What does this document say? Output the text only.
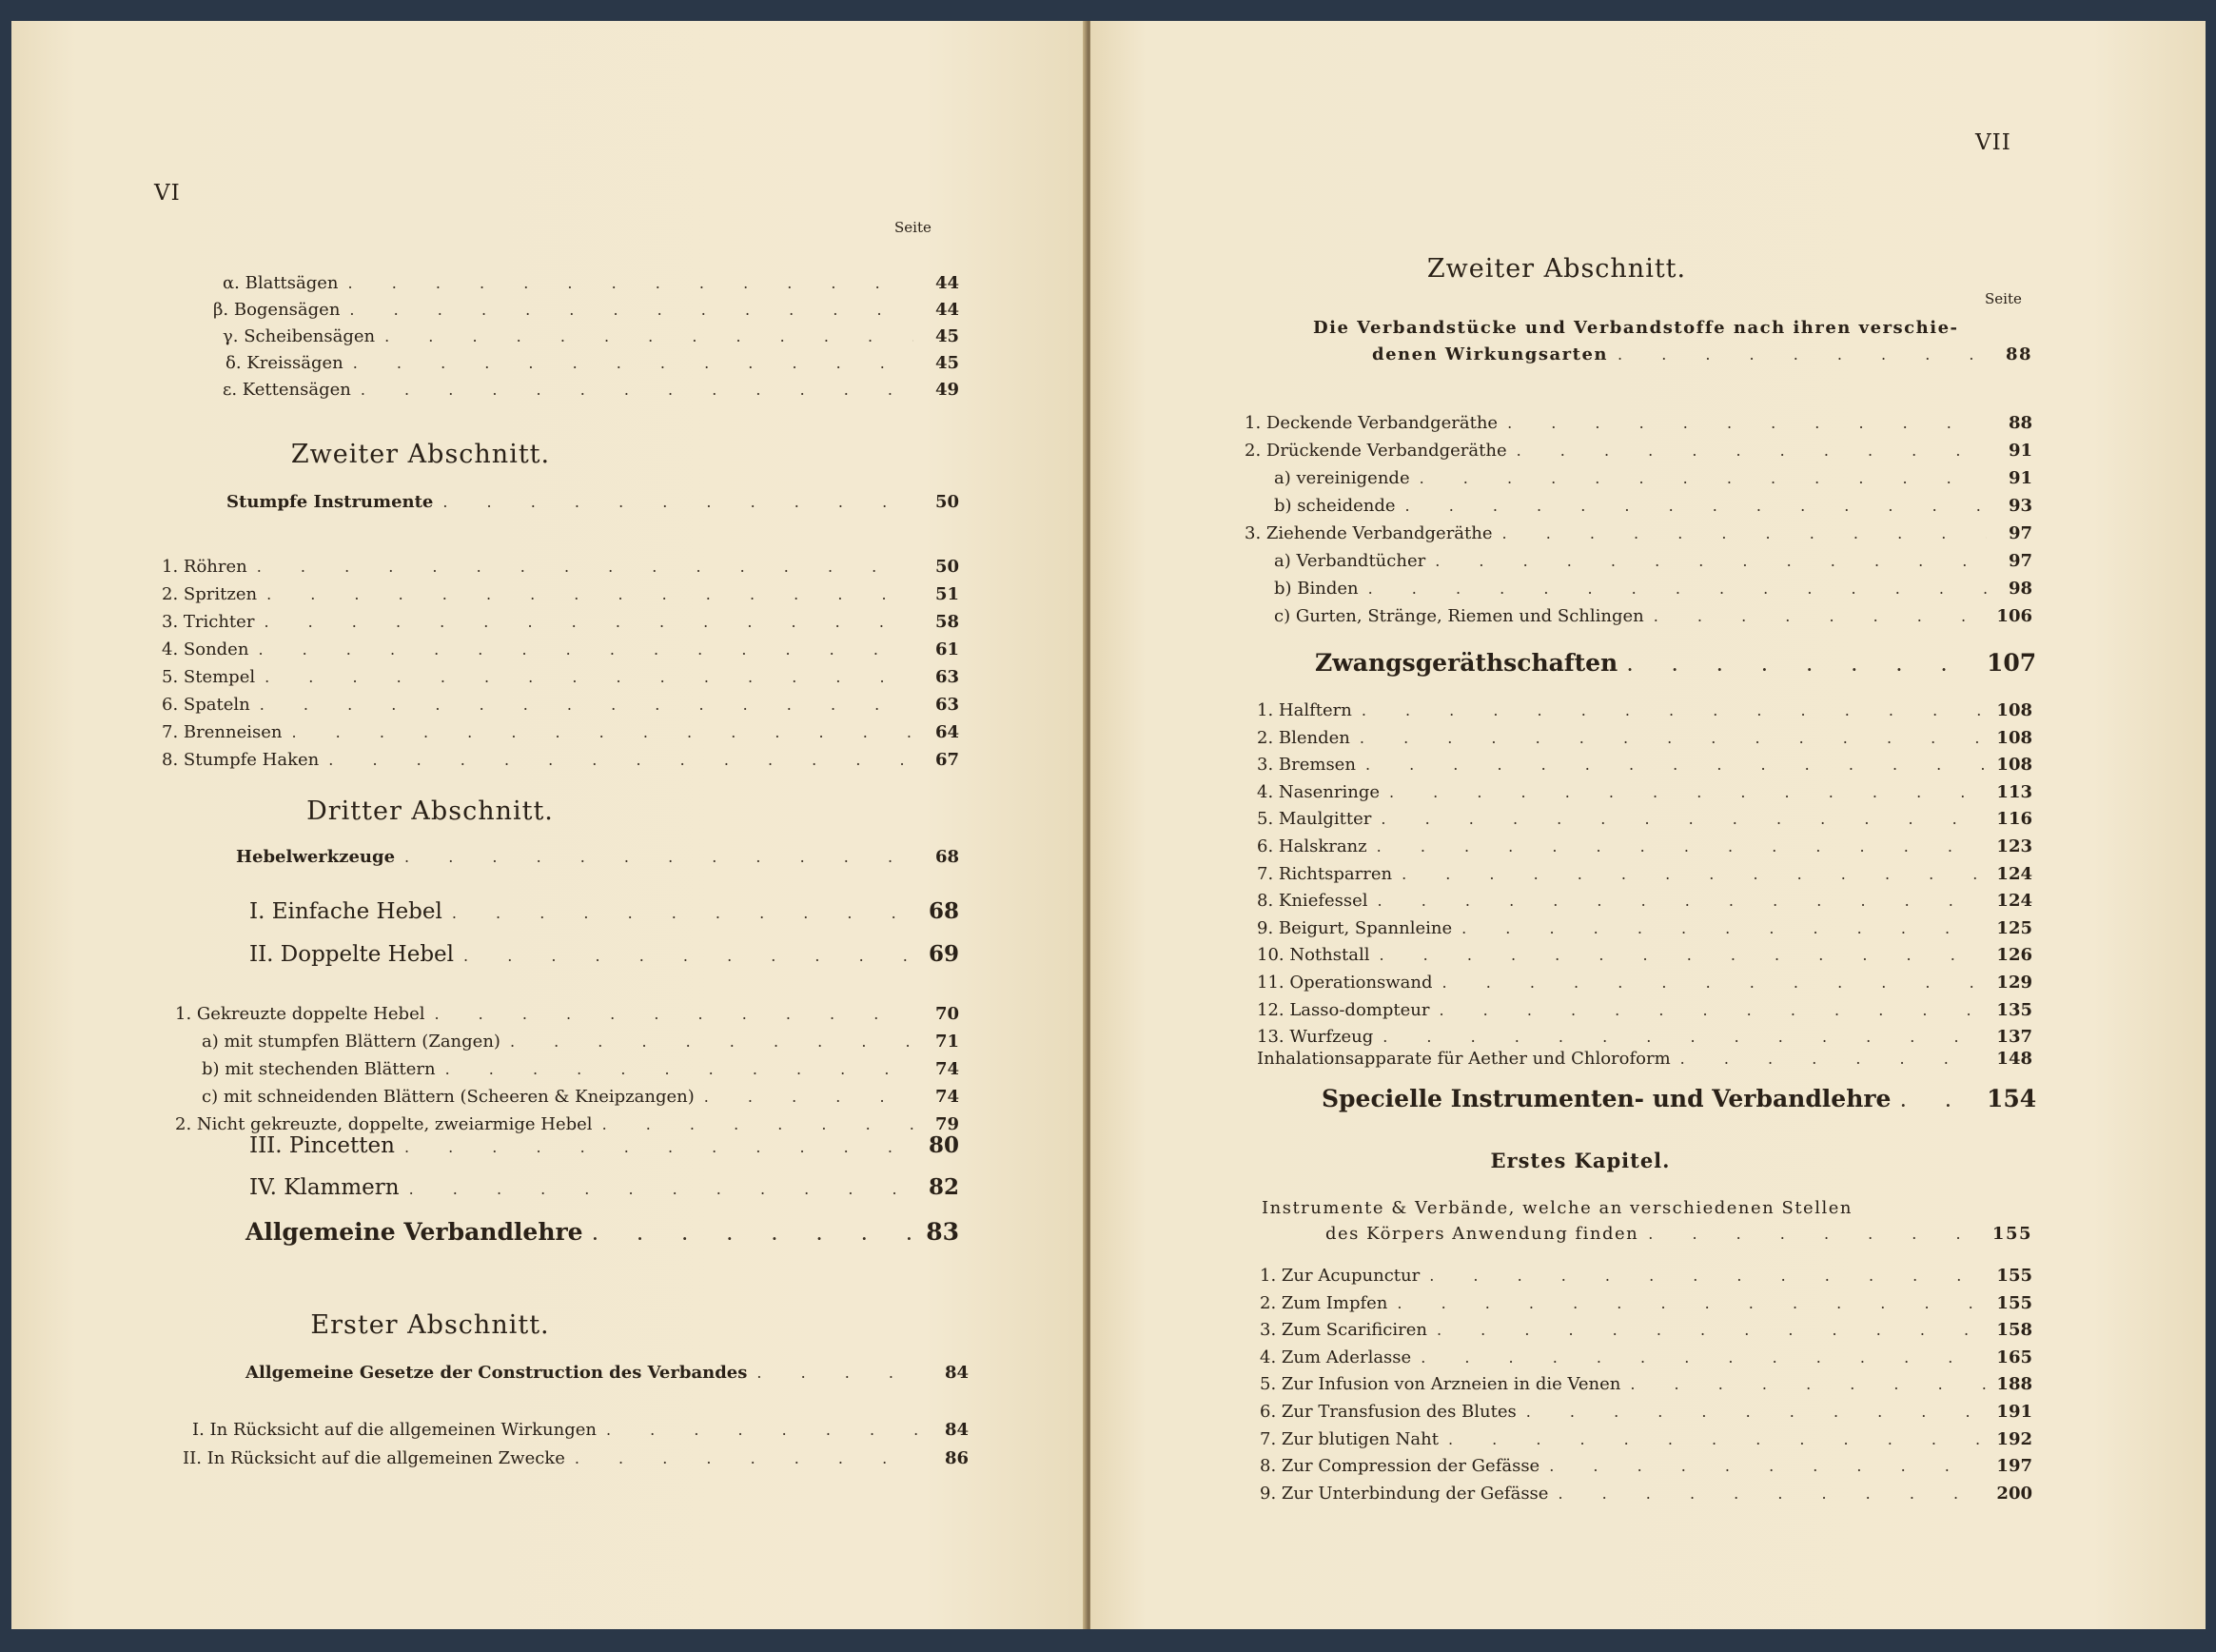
VI
Seite
α. Blattsägen . . .	44
β. Bogensägen . . .	44
γ. Scheibensägen . . .	45
δ. Kreissägen . . .	45
ε. Kettensägen . . .	49
Zweiter Abschnitt.
Stumpfe Instrumente . . .	50
1. Röhren . . .	50
2. Spritzen . . .	51
3. Trichter . . .	58
4. Sonden . . .	61
5. Stempel . . .	63
6. Spateln . . .	63
7. Brenneisen . . .	64
8. Stumpfe Haken . . .	67
Dritter Abschnitt.
Hebelwerkzeuge . . .	68
I. Einfache Hebel . . .	68
II. Doppelte Hebel . . .	69
1. Gekreuzte doppelte Hebel . . .	70
a) mit stumpfen Blättern (Zangen) . . .	71
b) mit stechenden Blättern . . .	74
c) mit schneidenden Blättern (Scheeren & Kneipzangen) . . .	74
2. Nicht gekreuzte, doppelte, zweiarmige Hebel . . .	79
III. Pincetten . . .	80
IV. Klammern . . .	82
Allgemeine Verbandlehre . . .	83
Erster Abschnitt.
Allgemeine Gesetze der Construction des Verbandes . . .	84
I. In Rücksicht auf die allgemeinen Wirkungen . . .	84
II. In Rücksicht auf die allgemeinen Zwecke . . .	86
VII
Zweiter Abschnitt.
Seite
Die Verbandstücke und Verbandstoffe nach ihren verschie-
denen Wirkungsarten . . .	88
1. Deckende Verbandgeräthe . . .	88
2. Drückende Verbandgeräthe . . .	91
a) vereinigende . . .	91
b) scheidende . . .	93
3. Ziehende Verbandgeräthe . . .	97
a) Verbandtücher . . .	97
b) Binden . . .	98
c) Gurten, Stränge, Riemen und Schlingen . . .	106
Zwangsgeräthschaften . . .	107
1. Halftern . . .	108
2. Blenden . . .	108
3. Bremsen . . .	108
4. Nasenringe . . .	113
5. Maulgitter . . .	116
6. Halskranz . . .	123
7. Richtsparren . . .	124
8. Kniefessel . . .	124
9. Beigurt, Spannleine . . .	125
10. Nothstall . . .	126
11. Operationswand . . .	129
12. Lasso-dompteur . . .	135
13. Wurfzeug . . .	137
Inhalationsapparate für Aether und Chloroform . . .	148
Specielle Instrumenten- und Verbandlehre . . .	154
Erstes Kapitel.
Instrumente & Verbände, welche an verschiedenen Stellen
des Körpers Anwendung finden . . .	155
1. Zur Acupunctur . . .	155
2. Zum Impfen . . .	155
3. Zum Scarificiren . . .	158
4. Zum Aderlasse . . .	165
5. Zur Infusion von Arzneien in die Venen . . .	188
6. Zur Transfusion des Blutes . . .	191
7. Zur blutigen Naht . . .	192
8. Zur Compression der Gefässe . . .	197
9. Zur Unterbindung der Gefässe . . .	200
